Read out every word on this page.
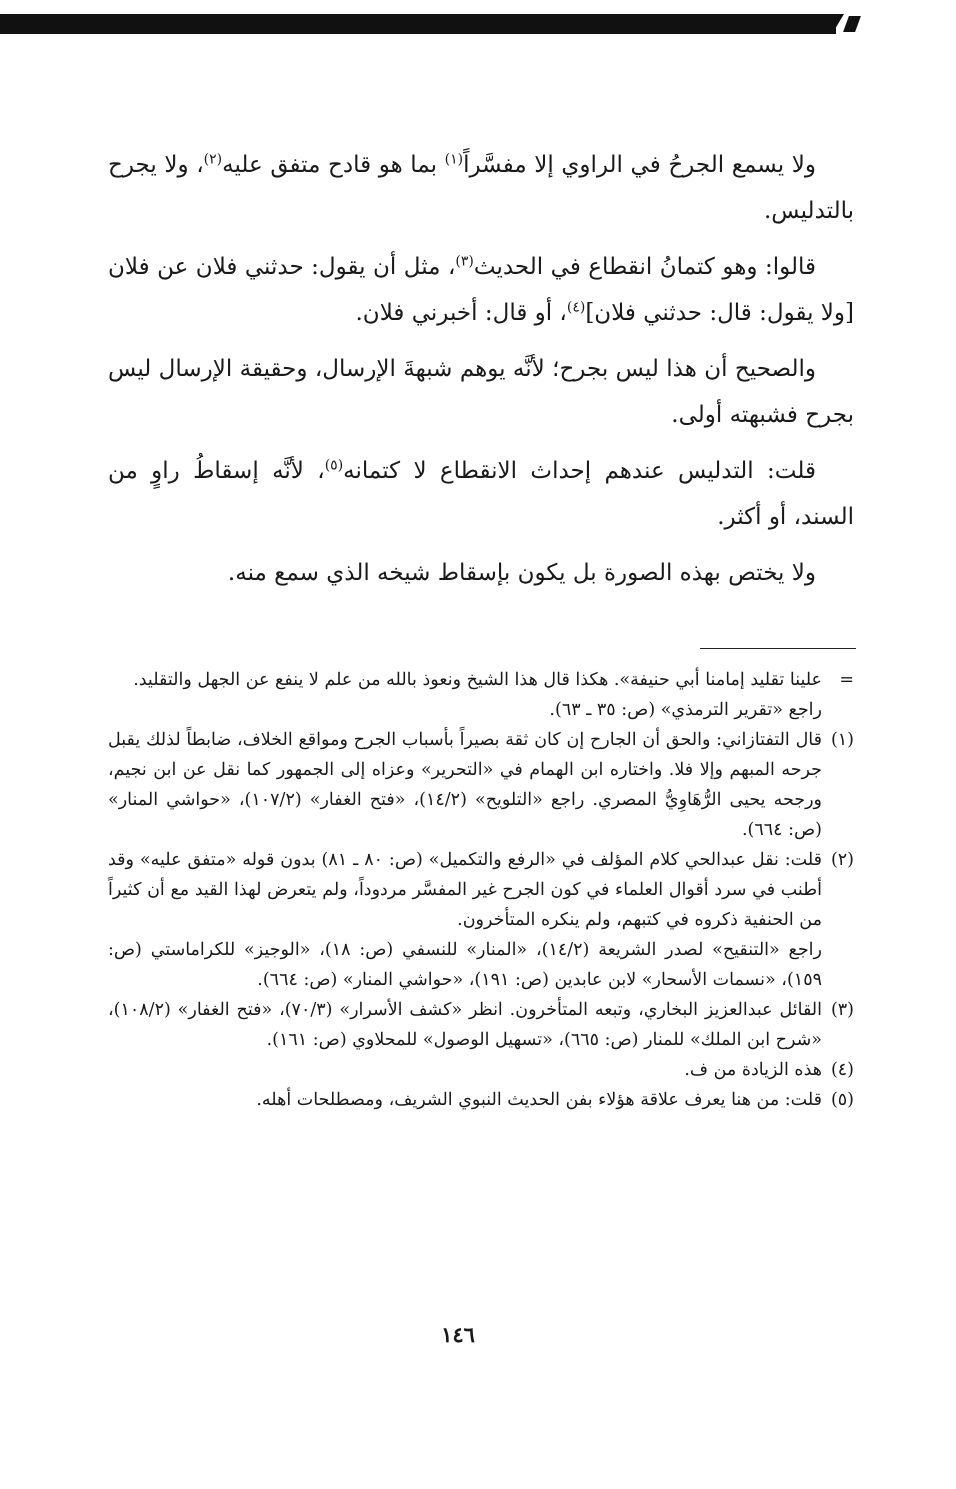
ولا يسمع الجرحُ في الراوي إلا مفسَّراً$^{(١)}$ بما هو قادح متفق عليه$^{(٢)}$، ولا يجرح بالتدليس.

قالوا: وهو كتمانُ انقطاع في الحديث$^{(٣)}$، مثل أن يقول: حدثني فلان عن فلان [ولا يقول: قال: حدثني فلان]$^{(٤)}$، أو قال: أخبرني فلان.

والصحيح أن هذا ليس بجرح؛ لأنَّه يوهم شبهةَ الإرسال، وحقيقة الإرسال ليس بجرح فشبهته أولى.

قلت: التدليس عندهم إحداث الانقطاع لا كتمانه$^{(٥)}$، لأنَّه إسقاطُ راوٍ من السند، أو أكثر.

ولا يختص بهذه الصورة بل يكون بإسقاط شيخه الذي سمع منه.

=

علينا تقليد إمامنا أبي حنيفة». هكذا قال هذا الشيخ ونعوذ بالله من علم لا ينفع عن الجهل والتقليد.

راجع «تقرير الترمذي» (ص: ٣٥ ـ ٦٣).

(١)

قال التفتازاني: والحق أن الجارح إن كان ثقة بصيراً بأسباب الجرح ومواقع الخلاف، ضابطاً لذلك يقبل جرحه المبهم وإلا فلا. واختاره ابن الهمام في «التحرير» وعزاه إلى الجمهور كما نقل عن ابن نجيم، ورجحه يحيى الرُّهَاوِيُّ المصري. راجع «التلويح» (١٤/٢)، «فتح الغفار» (١٠٧/٢)، «حواشي المنار» (ص: ٦٦٤).

(٢)

قلت: نقل عبدالحي كلام المؤلف في «الرفع والتكميل» (ص: ٨٠ ـ ٨١) بدون قوله «متفق عليه» وقد أطنب في سرد أقوال العلماء في كون الجرح غير المفسَّر مردوداً، ولم يتعرض لهذا القيد مع أن كثيراً من الحنفية ذكروه في كتبهم، ولم ينكره المتأخرون.

راجع «التنقيح» لصدر الشريعة (١٤/٢)، «المنار» للنسفي (ص: ١٨)، «الوجيز» للكراماستي (ص: ١٥٩)، «نسمات الأسحار» لابن عابدين (ص: ١٩١)، «حواشي المنار» (ص: ٦٦٤).

(٣)

القائل عبدالعزيز البخاري، وتبعه المتأخرون. انظر «كشف الأسرار» (٧٠/٣)، «فتح الغفار» (١٠٨/٢)، «شرح ابن الملك» للمنار (ص: ٦٦٥)، «تسهيل الوصول» للمحلاوي (ص: ١٦١).

(٤)

هذه الزيادة من ف.

(٥)

قلت: من هنا يعرف علاقة هؤلاء بفن الحديث النبوي الشريف، ومصطلحات أهله.

١٤٦
